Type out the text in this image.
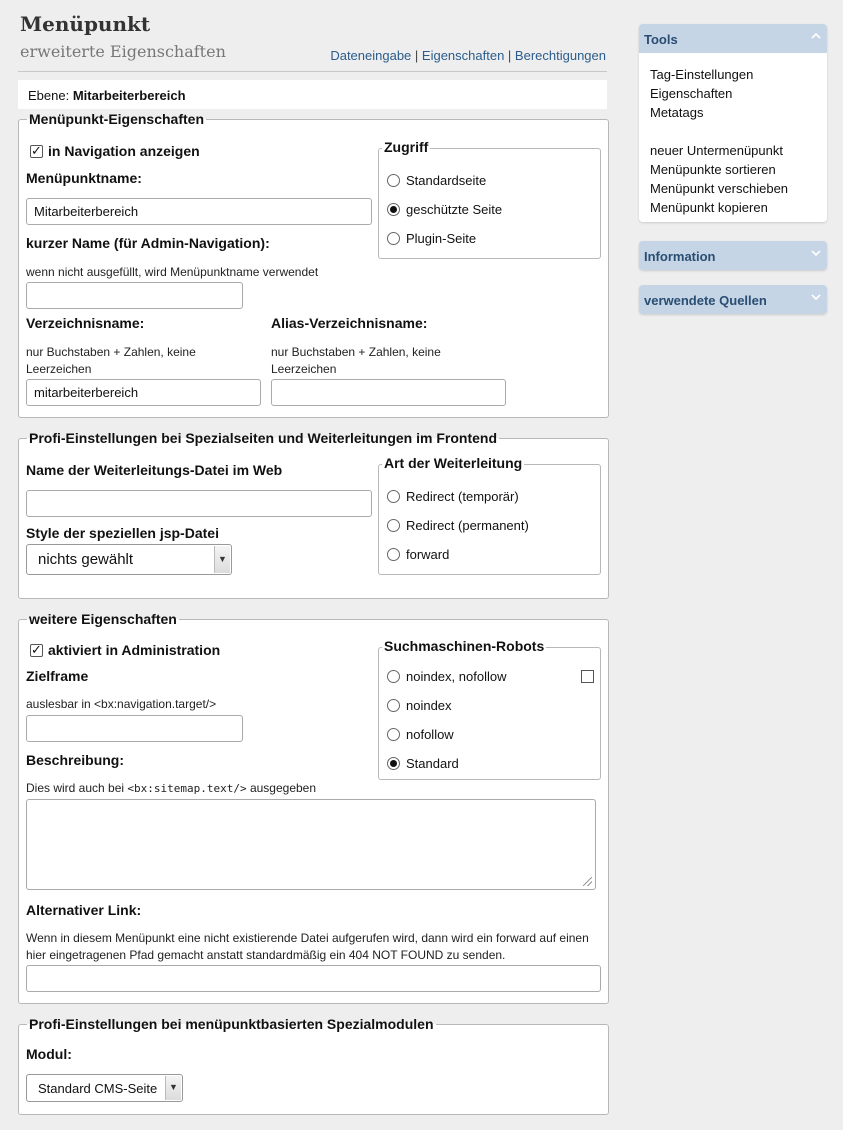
Menüpunkt
erweiterte Eigenschaften	Dateneingabe | Eigenschaften | Berechtigungen
Ebene: Mitarbeiterbereich
Menüpunkt-Eigenschaften
✓in Navigation anzeigen
Menüpunktname:
Mitarbeiterbereich
kurzer Name (für Admin-Navigation):
wenn nicht ausgefüllt, wird Menüpunktname verwendet
Verzeichnisname:
nur Buchstaben + Zahlen, keine Leerzeichen
mitarbeiterbereich
Alias-Verzeichnisname:
nur Buchstaben + Zahlen, keine Leerzeichen
Zugriff
Standardseite
geschützte Seite
Plugin-Seite
Profi-Einstellungen bei Spezialseiten und Weiterleitungen im Frontend
Name der Weiterleitungs-Datei im Web
Style der speziellen jsp-Datei
nichts gewählt	▼
Art der Weiterleitung
Redirect (temporär)
Redirect (permanent)
forward
weitere Eigenschaften
✓aktiviert in Administration
Zielframe
auslesbar in <bx:navigation.target/>
Beschreibung:
Dies wird auch bei <bx:sitemap.text/> ausgegeben
Alternativer Link:
Wenn in diesem Menüpunkt eine nicht existierende Datei aufgerufen wird, dann wird ein forward auf einen hier eingetragenen Pfad gemacht anstatt standardmäßig ein 404 NOT FOUND zu senden.
Suchmaschinen-Robots
noindex, nofollow
noindex
nofollow
Standard
Profi-Einstellungen bei menüpunktbasierten Spezialmodulen
Modul:
Standard CMS-Seite ▼
Tools
Tag-Einstellungen
Eigenschaften
Metatags
neuer Untermenüpunkt
Menüpunkte sortieren
Menüpunkt verschieben
Menüpunkt kopieren
Information
verwendete Quellen
